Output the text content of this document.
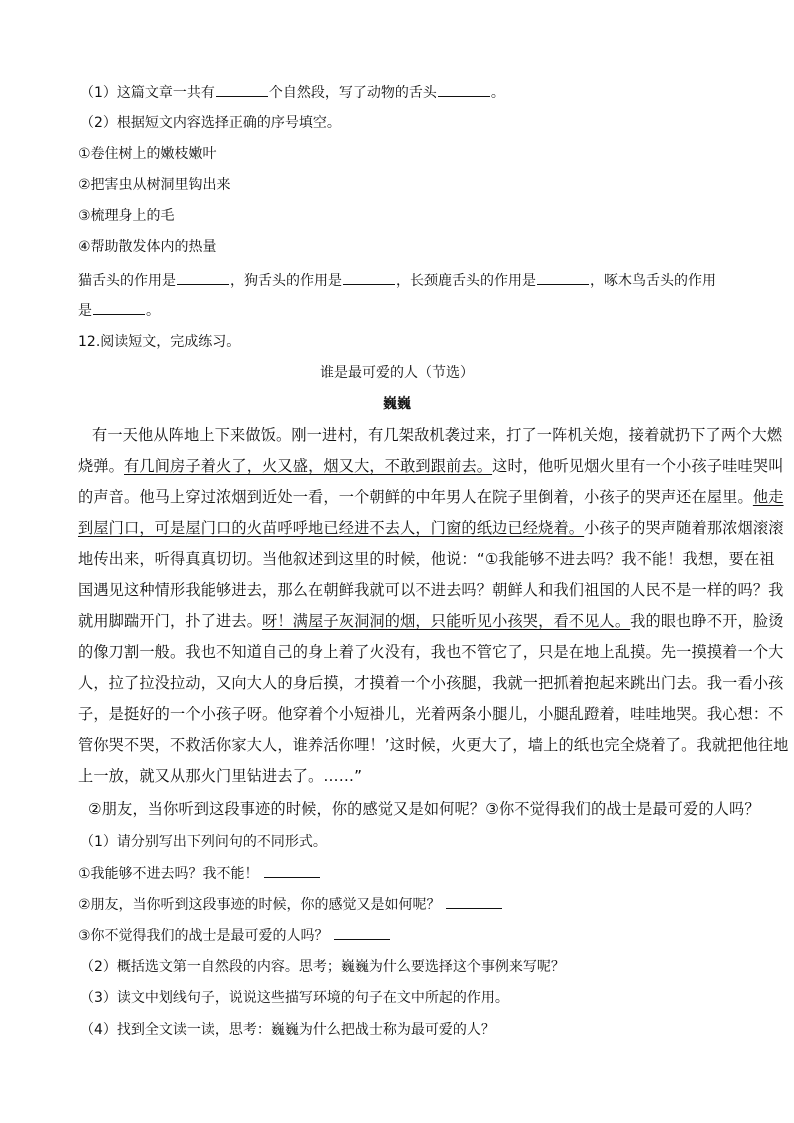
（1）这篇文章一共有	个自然段，写了动物的舌头	。
（2）根据短文内容选择正确的序号填空。
①卷住树上的嫩枝嫩叶
②把害虫从树洞里钩出来
③梳理身上的毛
④帮助散发体内的热量
猫舌头的作用是	，狗舌头的作用是	，长颈鹿舌头的作用是	，啄木鸟舌头的作用
是	。
12.阅读短文，完成练习。
谁是最可爱的人（节选）
巍巍
有一天他从阵地上下来做饭。刚一进村，有几架敌机袭过来，打了一阵机关炮，接着就扔下了两个大燃
烧弹。有几间房子着火了，火又盛，烟又大，不敢到跟前去。这时，他听见烟火里有一个小孩子哇哇哭叫
的声音。他马上穿过浓烟到近处一看，一个朝鲜的中年男人在院子里倒着，小孩子的哭声还在屋里。他走
到屋门口，可是屋门口的火苗呼呼地已经进不去人，门窗的纸边已经烧着。小孩子的哭声随着那浓烟滚滚
地传出来，听得真真切切。当他叙述到这里的时候，他说：“①我能够不进去吗？我不能！我想，要在祖
国遇见这种情形我能够进去，那么在朝鲜我就可以不进去吗？朝鲜人和我们祖国的人民不是一样的吗？我
就用脚踹开门，扑了进去。呀！满屋子灰洞洞的烟，只能听见小孩哭，看不见人。我的眼也睁不开，脸烫
的像刀割一般。我也不知道自己的身上着了火没有，我也不管它了，只是在地上乱摸。先一摸摸着一个大
人，拉了拉没拉动，又向大人的身后摸，才摸着一个小孩腿，我就一把抓着抱起来跳出门去。我一看小孩
子，是挺好的一个小孩子呀。他穿着个小短褂儿，光着两条小腿儿，小腿乱蹬着，哇哇地哭。我心想：不
管你哭不哭，不救活你家大人，谁养活你哩！’这时候，火更大了，墙上的纸也完全烧着了。我就把他往地
上一放，就又从那火门里钻进去了。……”
②朋友，当你听到这段事迹的时候，你的感觉又是如何呢？③你不觉得我们的战士是最可爱的人吗？
（1）请分别写出下列问句的不同形式。
①我能够不进去吗？我不能！
②朋友，当你听到这段事迹的时候，你的感觉又是如何呢？
③你不觉得我们的战士是最可爱的人吗？
（2）概括选文第一自然段的内容。思考；巍巍为什么要选择这个事例来写呢？
（3）读文中划线句子，说说这些描写环境的句子在文中所起的作用。
（4）找到全文读一读，思考：巍巍为什么把战士称为最可爱的人？
